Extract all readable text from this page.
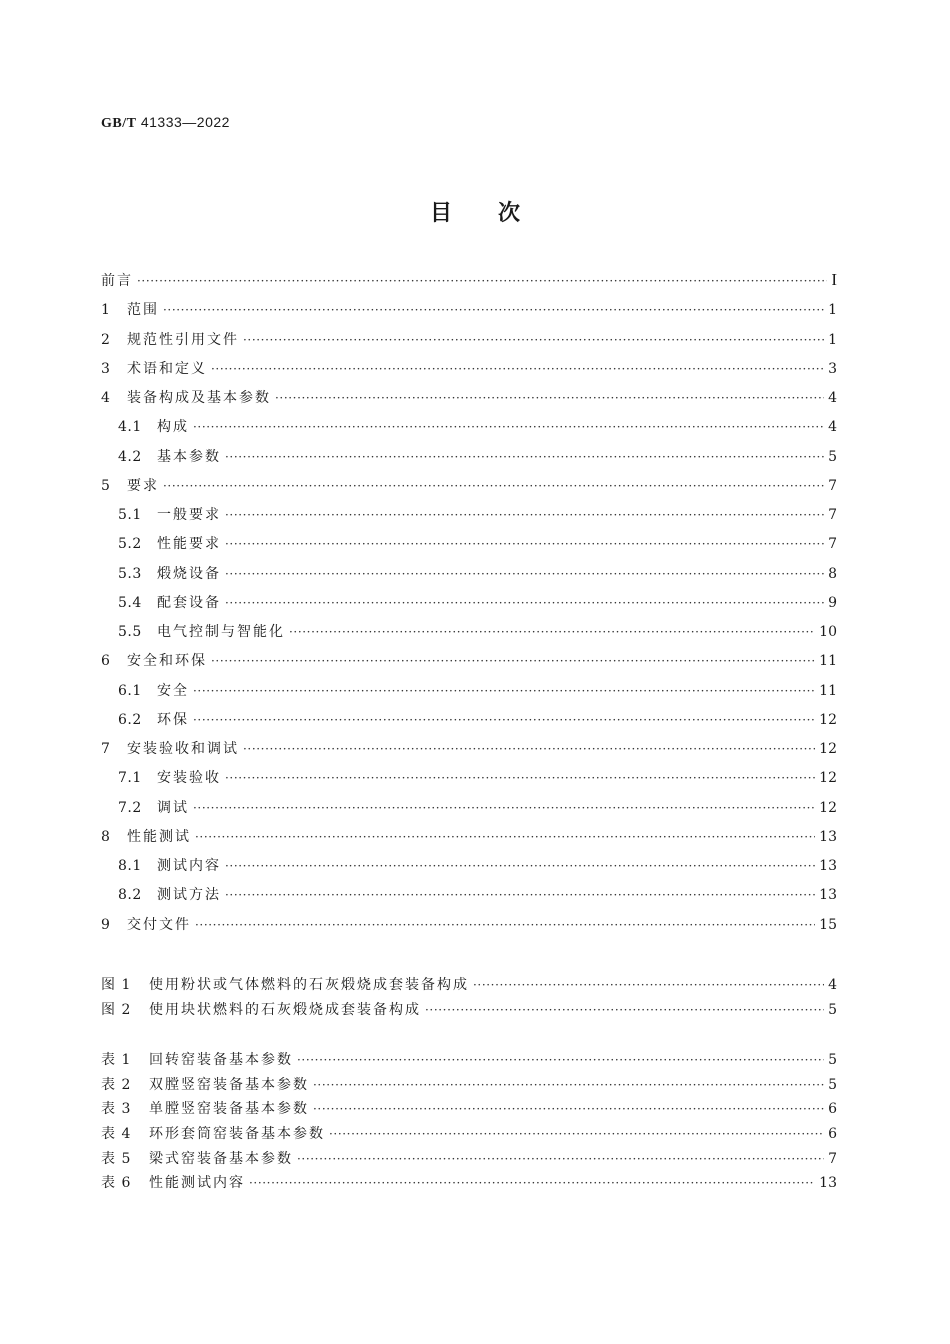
GB/T 41333—2022
目次
前言 ·····	I
1	范围 ·····	1
2	规范性引用文件 ·····	1
3	术语和定义 ·····	3
4	装备构成及基本参数 ·····	4
4.1	构成 ·····	4
4.2	基本参数 ·····	5
5	要求 ·····	7
5.1	一般要求 ·····	7
5.2	性能要求 ·····	7
5.3	煅烧设备 ·····	8
5.4	配套设备 ·····	9
5.5	电气控制与智能化 ·····	10
6	安全和环保 ·····	11
6.1	安全 ·····	11
6.2	环保 ·····	12
7	安装验收和调试 ·····	12
7.1	安装验收 ·····	12
7.2	调试 ·····	12
8	性能测试 ·····	13
8.1	测试内容 ·····	13
8.2	测试方法 ·····	13
9	交付文件 ·····	15
图 1	使用粉状或气体燃料的石灰煅烧成套装备构成 ·····	4
图 2	使用块状燃料的石灰煅烧成套装备构成 ·····	5
表 1	回转窑装备基本参数 ·····	5
表 2	双膛竖窑装备基本参数 ·····	5
表 3	单膛竖窑装备基本参数 ·····	6
表 4	环形套筒窑装备基本参数 ·····	6
表 5	梁式窑装备基本参数 ·····	7
表 6	性能测试内容 ·····	13
